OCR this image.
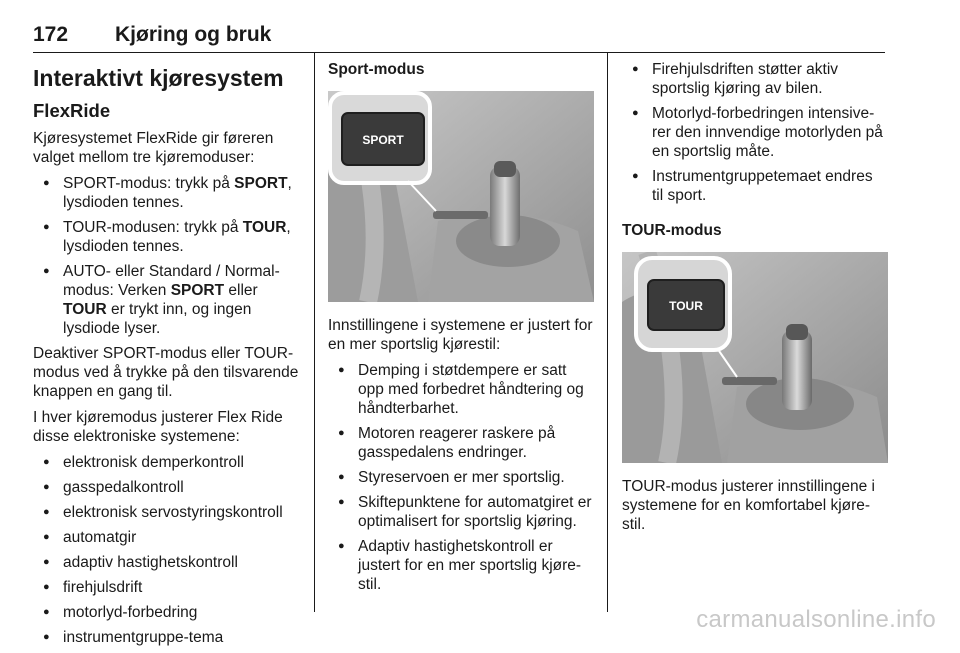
172 Kjøring og bruk
Interaktivt kjøresystem
FlexRide

Kjøresystemet FlexRide gir føreren valget mellom tre kjøremoduser:

● SPORT-modus: trykk på SPORT, lysdioden tennes.
● TOUR-modusen: trykk på TOUR, lysdioden tennes.
● AUTO- eller Standard / Normal-modus: Verken SPORT eller TOUR er trykt inn, og ingen lysdiode lyser.

Deaktiver SPORT-modus eller TOUR-modus ved å trykke på den tilsvarende knappen en gang til.

I hver kjøremodus justerer Flex Ride disse elektroniske systemene:

● elektronisk demperkontroll
● gasspedalkontroll
● elektronisk servostyringskontroll
● automatgir
● adaptiv hastighetskontroll
● firehjulsdrift
● motorlyd-forbedring
● instrumentgruppe-tema
Sport-modus
SPORT

Innstillingene i systemene er justert for en mer sportslig kjørestil:

● Demping i støtdempere er satt opp med forbedret håndtering og håndterbarhet.
● Motoren reagerer raskere på gasspedalens endringer.
● Styreservoen er mer sportslig.
● Skiftepunktene for automatgiret er optimalisert for sportslig kjøring.
● Adaptiv hastighetskontroll er justert for en mer sportslig kjøre-stil.
● Firehjulsdriften støtter aktiv sportslig kjøring av bilen.
● Motorlyd-forbedringen intensive-rer den innvendige motorlyden på en sportslig måte.
● Instrumentgruppetemaet endres til sport.
TOUR-modus
TOUR

TOUR-modus justerer innstillingene i systemene for en komfortabel kjøre-stil.

carmanualsonline.info
